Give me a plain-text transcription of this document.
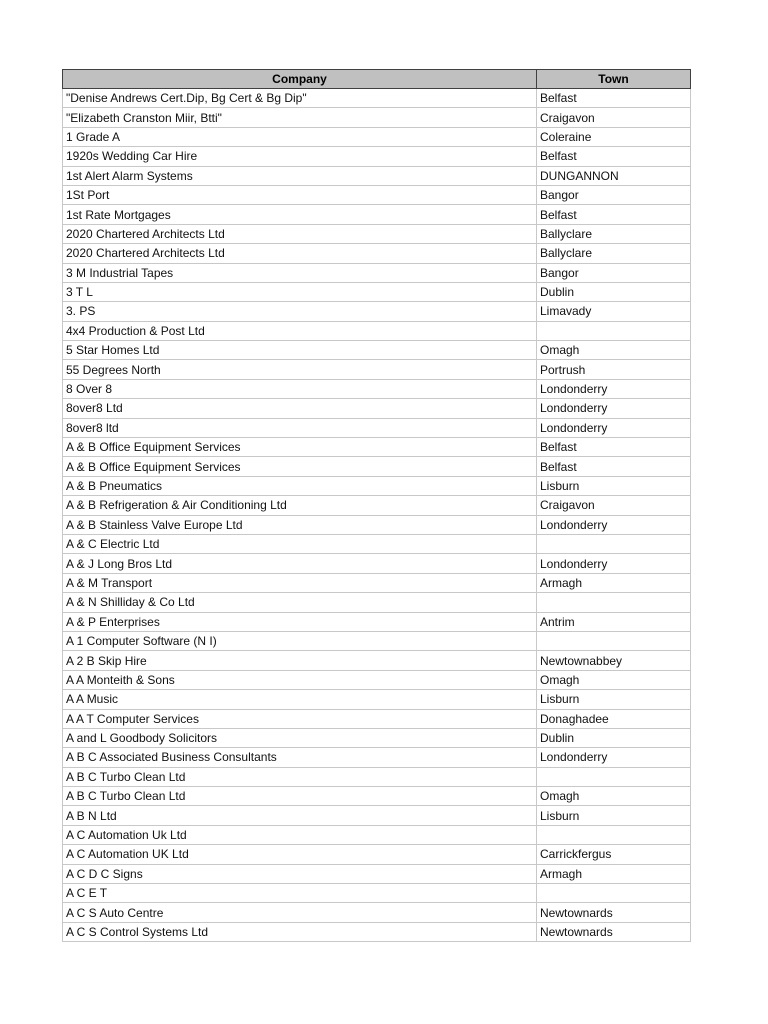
Company	Town
"Denise Andrews Cert.Dip, Bg Cert & Bg Dip"	Belfast
"Elizabeth Cranston Miir, Btti"	Craigavon
1 Grade A	Coleraine
1920s Wedding Car Hire	Belfast
1st Alert Alarm Systems	DUNGANNON
1St Port	Bangor
1st Rate Mortgages	Belfast
2020 Chartered Architects Ltd	Ballyclare
2020 Chartered Architects Ltd	Ballyclare
3 M Industrial Tapes	Bangor
3 T L	Dublin
3. PS	Limavady
4x4 Production & Post Ltd	
5 Star Homes Ltd	Omagh
55 Degrees North	Portrush
8 Over 8	Londonderry
8over8 Ltd	Londonderry
8over8 ltd	Londonderry
A & B Office Equipment Services	Belfast
A & B Office Equipment Services	Belfast
A & B Pneumatics	Lisburn
A & B Refrigeration & Air Conditioning Ltd	Craigavon
A & B Stainless Valve Europe Ltd	Londonderry
A & C Electric Ltd	
A & J Long Bros Ltd	Londonderry
A & M Transport	Armagh
A & N Shilliday & Co Ltd	
A & P Enterprises	Antrim
A 1 Computer Software (N I)	
A 2 B Skip Hire	Newtownabbey
A A Monteith & Sons	Omagh
A A Music	Lisburn
A A T Computer Services	Donaghadee
A and L Goodbody Solicitors	Dublin
A B C Associated Business Consultants	Londonderry
A B C Turbo Clean Ltd	
A B C Turbo Clean Ltd	Omagh
A B N Ltd	Lisburn
A C Automation Uk Ltd	
A C Automation UK Ltd	Carrickfergus
A C D C Signs	Armagh
A C E T	
A C S Auto Centre	Newtownards
A C S Control Systems Ltd	Newtownards
